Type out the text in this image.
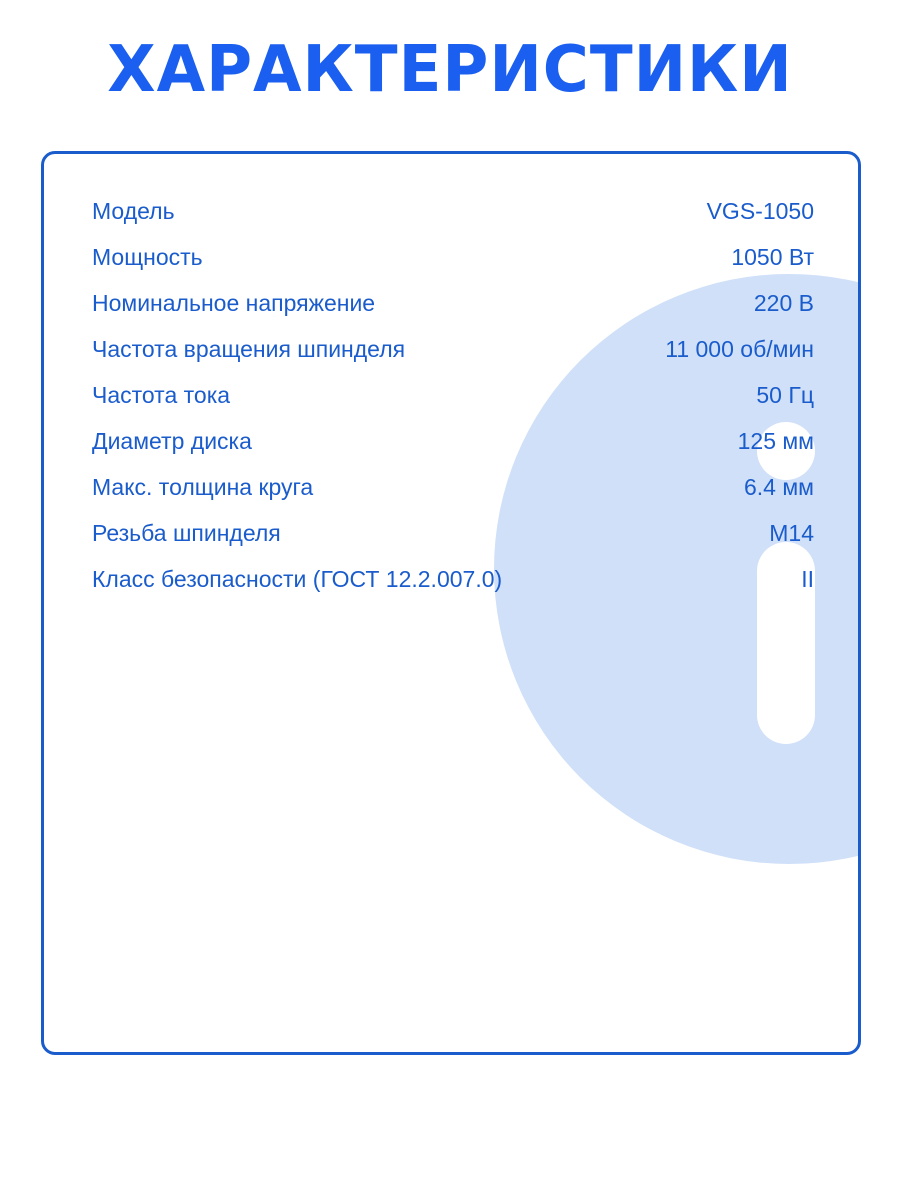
ХАРАКТЕРИСТИКИ
Модель	VGS-1050
Мощность	1050 Вт
Номинальное напряжение	220 В
Частота вращения шпинделя	11 000 об/мин
Частота тока	50 Гц
Диаметр диска	125 мм
Макс. толщина круга	6.4 мм
Резьба шпинделя	M14
Класс безопасности (ГОСТ 12.2.007.0)	II
